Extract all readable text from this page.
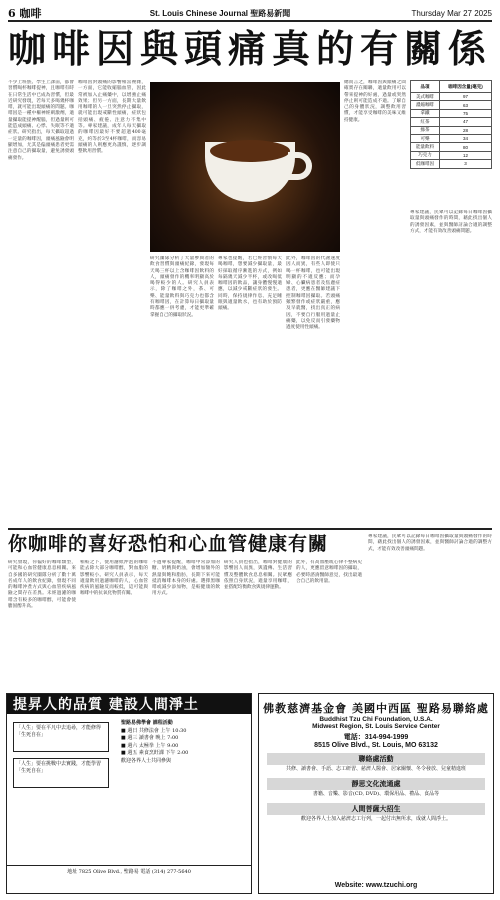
6 咖啡	St. Louis Chinese Journal 聖路易新聞	Thursday Mar 27 2025
咖啡因與頭痛真的有關係
不少上班族、學生上課前，都會習慣喝杯咖啡提神，且咖啡有時在日常生活中已成為習慣，但最近研究發現，若每天多喝幾杯咖啡，就可能出現頭痛的問題。咖啡因是一種中樞神經刺激劑，適量攝取能提神醒腦，但過量則可能造成頭痛、心悸、失眠等不適症狀。研究指出，每天攝取超過一定量的咖啡因，頭痛風險會明顯增加，尤其是偏頭痛患者更需注意自己的攝取量，避免誘發頭痛發作。
咖啡因對頭痛的影響相當複雜，一方面，它能收縮腦血管，因此常被加入止痛藥中，以增強止痛效果；但另一方面，長期大量飲用咖啡的人一旦突然停止攝取，就可能出現戒斷性頭痛，症狀包括頭痛、疲倦、注意力不集中等。專家建議，成年人每天攝取的咖啡因最好不要超過400毫克，約等於3至4杯咖啡，而容易頭痛的人則應更為謹慎，逐步調整飲用習慣。
研究團隊分析了大量參與者的飲食習慣與頭痛紀錄，發現每天喝三杯以上含咖啡因飲料的人，頭痛發作的機率明顯高於喝得較少的人。研究人員表示，除了咖啡之外，茶、可樂、能量飲料與巧克力也都含有咖啡因，在計算每日攝取量時都應一併考慮，才能更準確掌握自己的攝取狀況。
專家也提醒，若已經習慣每天喝咖啡，想要減少攝取量，最好採取循序漸進的方式，例如每隔幾天減少半杯，或改喝低咖啡因的飲品，讓身體慢慢適應，以減少戒斷症狀的發生。同時，保持規律作息、充足睡眠與適量飲水，也有助於預防頭痛。
此外，咖啡因的代謝速度因人而異，有些人即使只喝一杯咖啡，也可能出現明顯的不適反應；而孕婦、心臟病患者及焦慮症患者，更應在醫師建議下控制咖啡因攝取。若頭痛頻繁發作或症狀嚴重，應及早就醫，找出真正的病因，不要自行服用過量止痛藥，以免反而引發藥物過度使用性頭痛。
總而言之，咖啡因與頭痛之間確實存在關聯，適量飲用可以帶來提神的好處，過量或突然停止則可能造成不適。了解自己的身體狀況，調整飲用習慣，才能享受咖啡的美味又維持健康。
專家建議，民眾可以記錄每日咖啡因攝取量與頭痛發作的時間，藉此找出個人的誘發因素，並與醫師討論合適的調整方式，才能有效改善頭痛問題。
品項	咖啡因含量(毫克)
美式咖啡	97
濃縮咖啡	63
拿鐵	75
紅茶	47
綠茶	28
可樂	34
能量飲料	80
巧克力	12
低咖啡因	3
你咖啡的喜好恐怕和心血管健康有關
研究發現，你偏好的咖啡類型，可能和心血管健康息息相關。來自多國的研究團隊分析了數十萬名成年人的飲食紀錄，發現不同的咖啡沖煮方式與心血管疾病風險之間存在差異。未經過濾的咖啡含有較多的咖啡醇，可能會使膽固醇升高。
相較之下，使用濾紙沖泡的咖啡能去除大部分咖啡醇，對血脂的影響較小。研究人員表示，每天適量飲用過濾咖啡的人，心血管疾病的風險反而較低，這可能與咖啡中的抗氧化物質有關。
不過專家提醒，咖啡中常添加的糖、奶精與奶油，會增加額外的熱量與飽和脂肪，長期下來可能抵消咖啡本身的好處。選擇黑咖啡或減少添加物，是較健康的飲用方式。
研究人員也指出，咖啡對健康的影響因人而異，與遺傳、生活習慣及整體飲食息息相關。民眾應依照自身狀況，適量享用咖啡，並搭配均衡飲食與規律運動。
此外，有高血壓或心律不整病史的人，更應留意咖啡因的攝取，必要時諮詢醫師意見，找出最適合自己的飲用量。
專家建議，民眾可以記錄每日咖啡因攝取量與頭痛發作的時間，藉此找出個人的誘發因素，並與醫師討論合適的調整方式，才能有效改善頭痛問題。
提昇人的品質 建設人間淨土
「人生」要在平凡中去追尋，才能修得「生死自在」
「人生」要在挑戰中去實踐，才能學習「生死自在」
聖路易佛學會 課程活動
■ 週日 共修法會 上午 10:30
■ 週三 讀書會 晚上 7:00
■ 週六 太極拳 上午 9:00
■ 週五 素食烹飪課 下午 2:00
歡迎各界人士共同參與
地址 7825 Olive Blvd., 聖路易 電話 (314) 277-5640
佛教慈濟基金會 美國中西區 聖路易聯絡處
Buddhist Tzu Chi Foundation, U.S.A.
Midwest Region, St. Louis Service Center
電話：314-994-1999
8515 Olive Blvd., St. Louis, MO 63132
聯絡處活動
共修、讀書會、手語、志工研習、慈濟人醫會、居家關懷、冬令發放、兒童精進班
靜思文化流通處
書籍、音樂、影音(CD, DVD)、環保用品、禮品、食品等
人間菩薩大招生
歡迎各界人士加入慈濟志工行列，一起付出無所求，成就人間淨土。
Website: www.tzuchi.org
